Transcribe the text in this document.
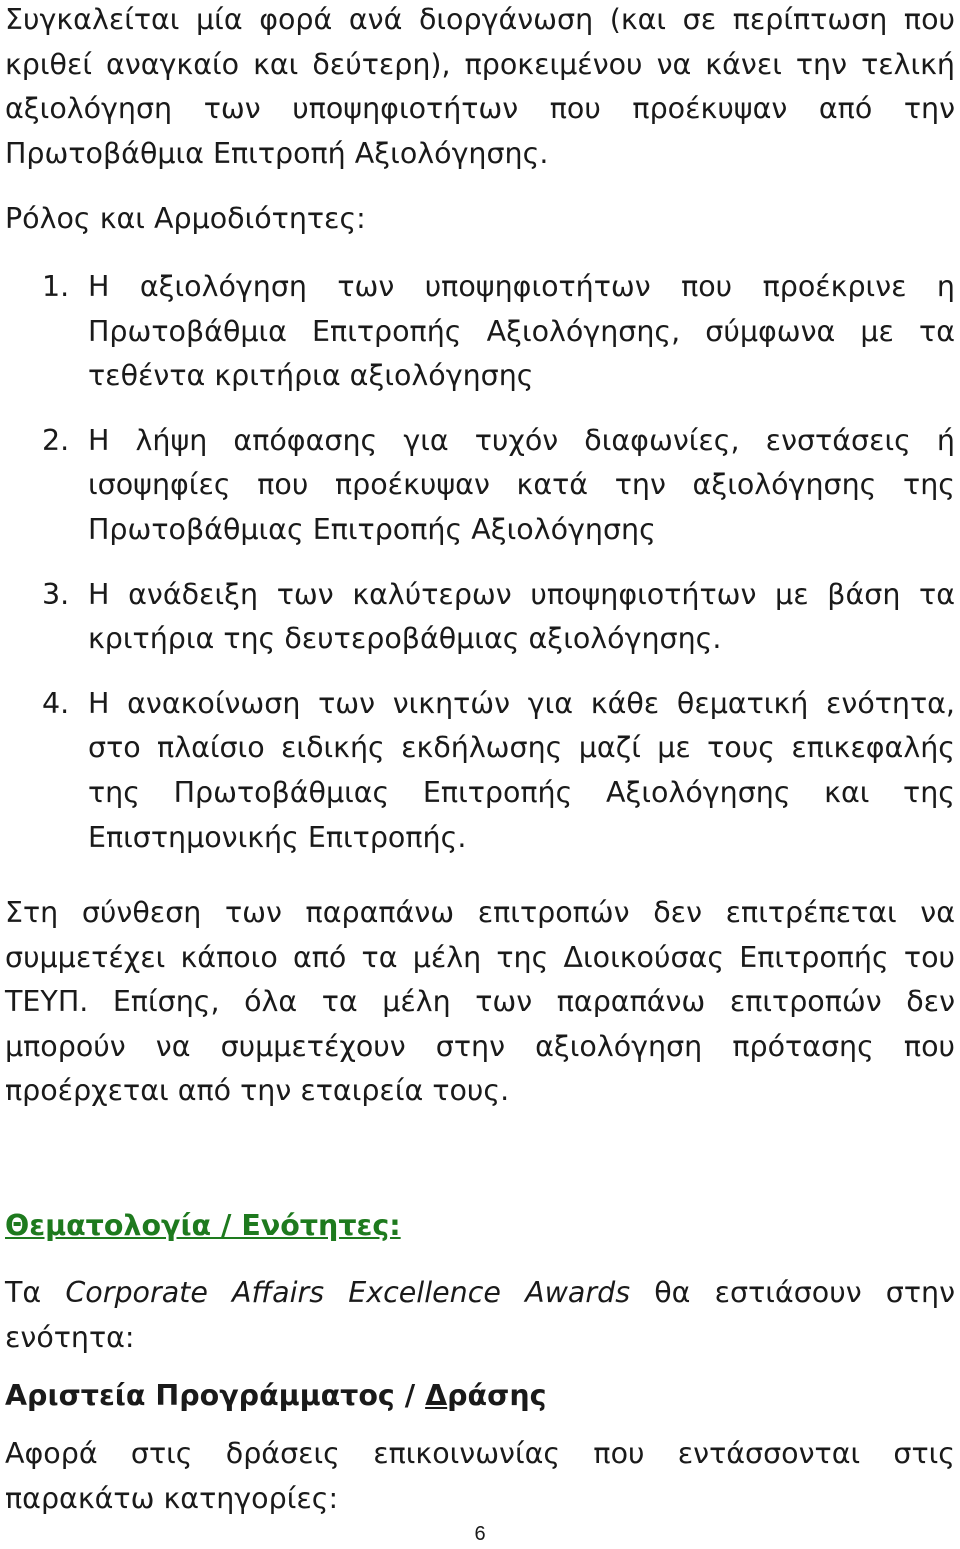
Συγκαλείται μία φορά ανά διοργάνωση (και σε περίπτωση που κριθεί αναγκαίο και δεύτερη), προκειμένου να κάνει την τελική αξιολόγηση των υποψηφιοτήτων που προέκυψαν από την Πρωτοβάθμια Επιτροπή Αξιολόγησης.

Ρόλος και Αρμοδιότητες:

1. Η αξιολόγηση των υποψηφιοτήτων που προέκρινε η Πρωτοβάθμια Επιτροπής Αξιολόγησης, σύμφωνα με τα τεθέντα κριτήρια αξιολόγησης
2. Η λήψη απόφασης για τυχόν διαφωνίες, ενστάσεις ή ισοψηφίες που προέκυψαν κατά την αξιολόγησης της Πρωτοβάθμιας Επιτροπής Αξιολόγησης
3. Η ανάδειξη των καλύτερων υποψηφιοτήτων με βάση τα κριτήρια της δευτεροβάθμιας αξιολόγησης.
4. Η ανακοίνωση των νικητών για κάθε θεματική ενότητα, στο πλαίσιο ειδικής εκδήλωσης μαζί με τους επικεφαλής της Πρωτοβάθμιας Επιτροπής Αξιολόγησης και της Επιστημονικής Επιτροπής.

Στη σύνθεση των παραπάνω επιτροπών δεν επιτρέπεται να συμμετέχει κάποιο από τα μέλη της Διοικούσας Επιτροπής του ΤΕΥΠ. Επίσης, όλα τα μέλη των παραπάνω επιτροπών δεν μπορούν να συμμετέχουν στην αξιολόγηση πρότασης που προέρχεται από την εταιρεία τους.

Θεματολογία / Ενότητες:

Τα Corporate Affairs Excellence Awards θα εστιάσουν στην ενότητα:

Αριστεία Προγράμματος / Δράσης

Αφορά στις δράσεις επικοινωνίας που εντάσσονται στις παρακάτω κατηγορίες:

6
